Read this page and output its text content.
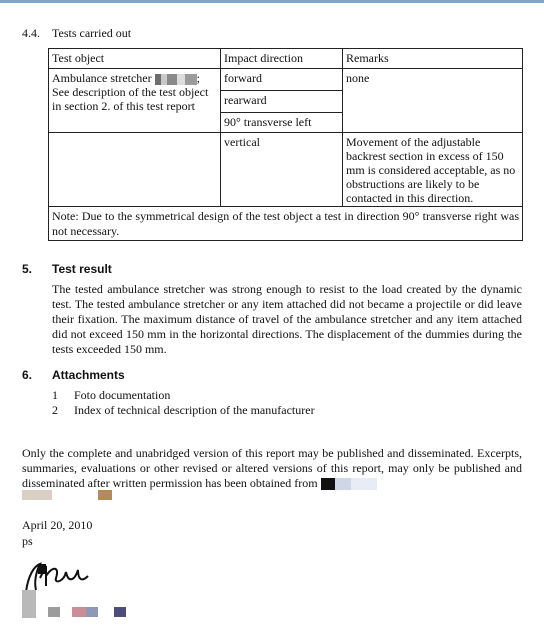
4.4. Tests carried out
Test object	Impact direction	Remarks
Ambulance stretcher ;
See description of the test object in section 2. of this test report	forward	none
	rearward	
	90° transverse left	
	vertical	Movement of the adjustable backrest section in excess of 150 mm is considered acceptable, as no obstructions are likely to be contacted in this direction.
Note: Due to the symmetrical design of the test object a test in direction 90° transverse right was not necessary.		
5. Test result
The tested ambulance stretcher was strong enough to resist to the load created by the dynamic test. The tested ambulance stretcher or any item attached did not became a projectile or did leave their fixation. The maximum distance of travel of the ambulance stretcher and any item attached did not exceed 150 mm in the horizontal directions. The displacement of the dummies during the tests exceeded 150 mm.
6. Attachments
1 Foto documentation
2 Index of technical description of the manufacturer
Only the complete and unabridged version of this report may be published and disseminated. Excerpts, summaries, evaluations or other revised or altered versions of this report, may only be published and disseminated after written permission has been obtained from
April 20, 2010
ps
